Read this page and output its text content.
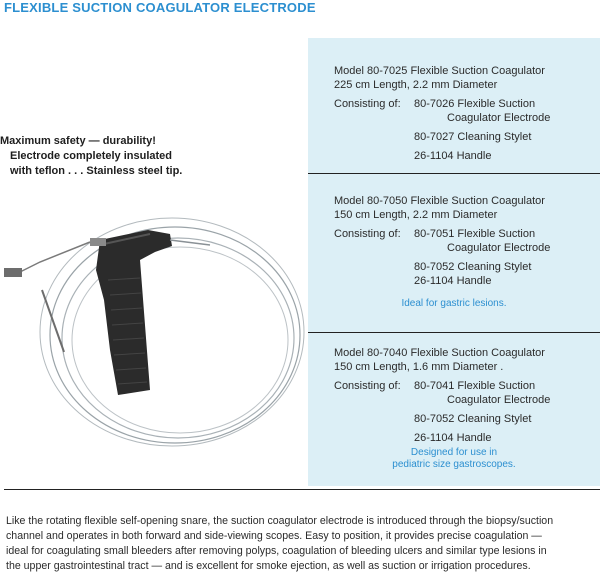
FLEXIBLE SUCTION COAGULATOR ELECTRODE
Maximum safety — durability!
Electrode completely insulated
with teflon . . . Stainless steel tip.
Model 80-7025 Flexible Suction Coagulator
225 cm Length, 2.2 mm Diameter
Consisting of:	80-7026 Flexible Suction
Coagulator Electrode
80-7027 Cleaning Stylet
26-1104 Handle
Model 80-7050 Flexible Suction Coagulator
150 cm Length, 2.2 mm Diameter
Consisting of:	80-7051 Flexible Suction
Coagulator Electrode
80-7052 Cleaning Stylet
26-1104 Handle
Ideal for gastric lesions.
Model 80-7040 Flexible Suction Coagulator
150 cm Length, 1.6 mm Diameter .
Consisting of:	80-7041 Flexible Suction
Coagulator Electrode
80-7052 Cleaning Stylet
26-1104 Handle
Designed for use in
pediatric size gastroscopes.
Like the rotating flexible self-opening snare, the suction coagulator electrode is introduced through the biopsy/suction
channel and operates in both forward and side-viewing scopes. Easy to position, it provides precise coagulation —
ideal for coagulating small bleeders after removing polyps, coagulation of bleeding ulcers and similar type lesions in
the upper gastrointestinal tract — and is excellent for smoke ejection, as well as suction or irrigation procedures.
